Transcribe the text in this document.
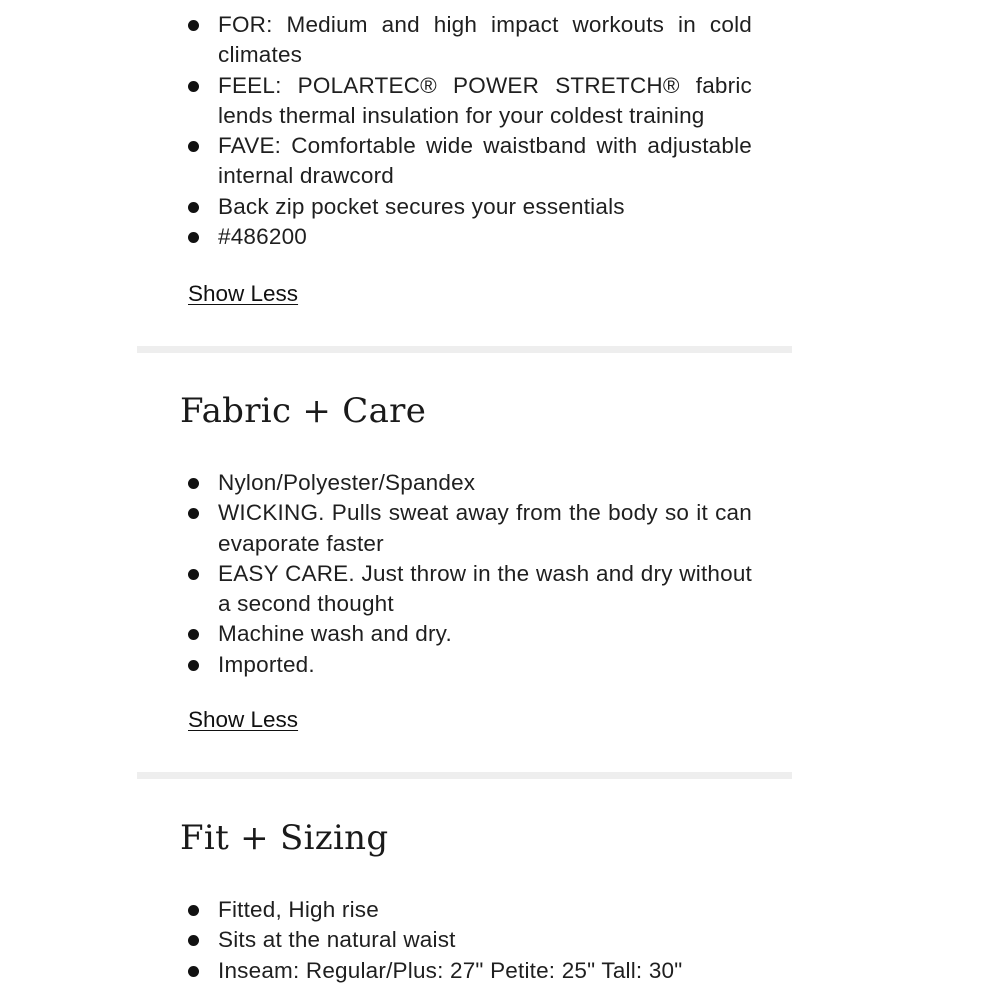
FOR: Medium and high impact workouts in cold climates
FEEL: POLARTEC® POWER STRETCH® fabric lends thermal insulation for your coldest training
FAVE: Comfortable wide waistband with adjustable internal drawcord
Back zip pocket secures your essentials
#486200
Show Less
Fabric + Care
Nylon/Polyester/Spandex
WICKING. Pulls sweat away from the body so it can evaporate faster
EASY CARE. Just throw in the wash and dry without a second thought
Machine wash and dry.
Imported.
Show Less
Fit + Sizing
Fitted, High rise
Sits at the natural waist
Inseam: Regular/Plus: 27" Petite: 25" Tall: 30"
